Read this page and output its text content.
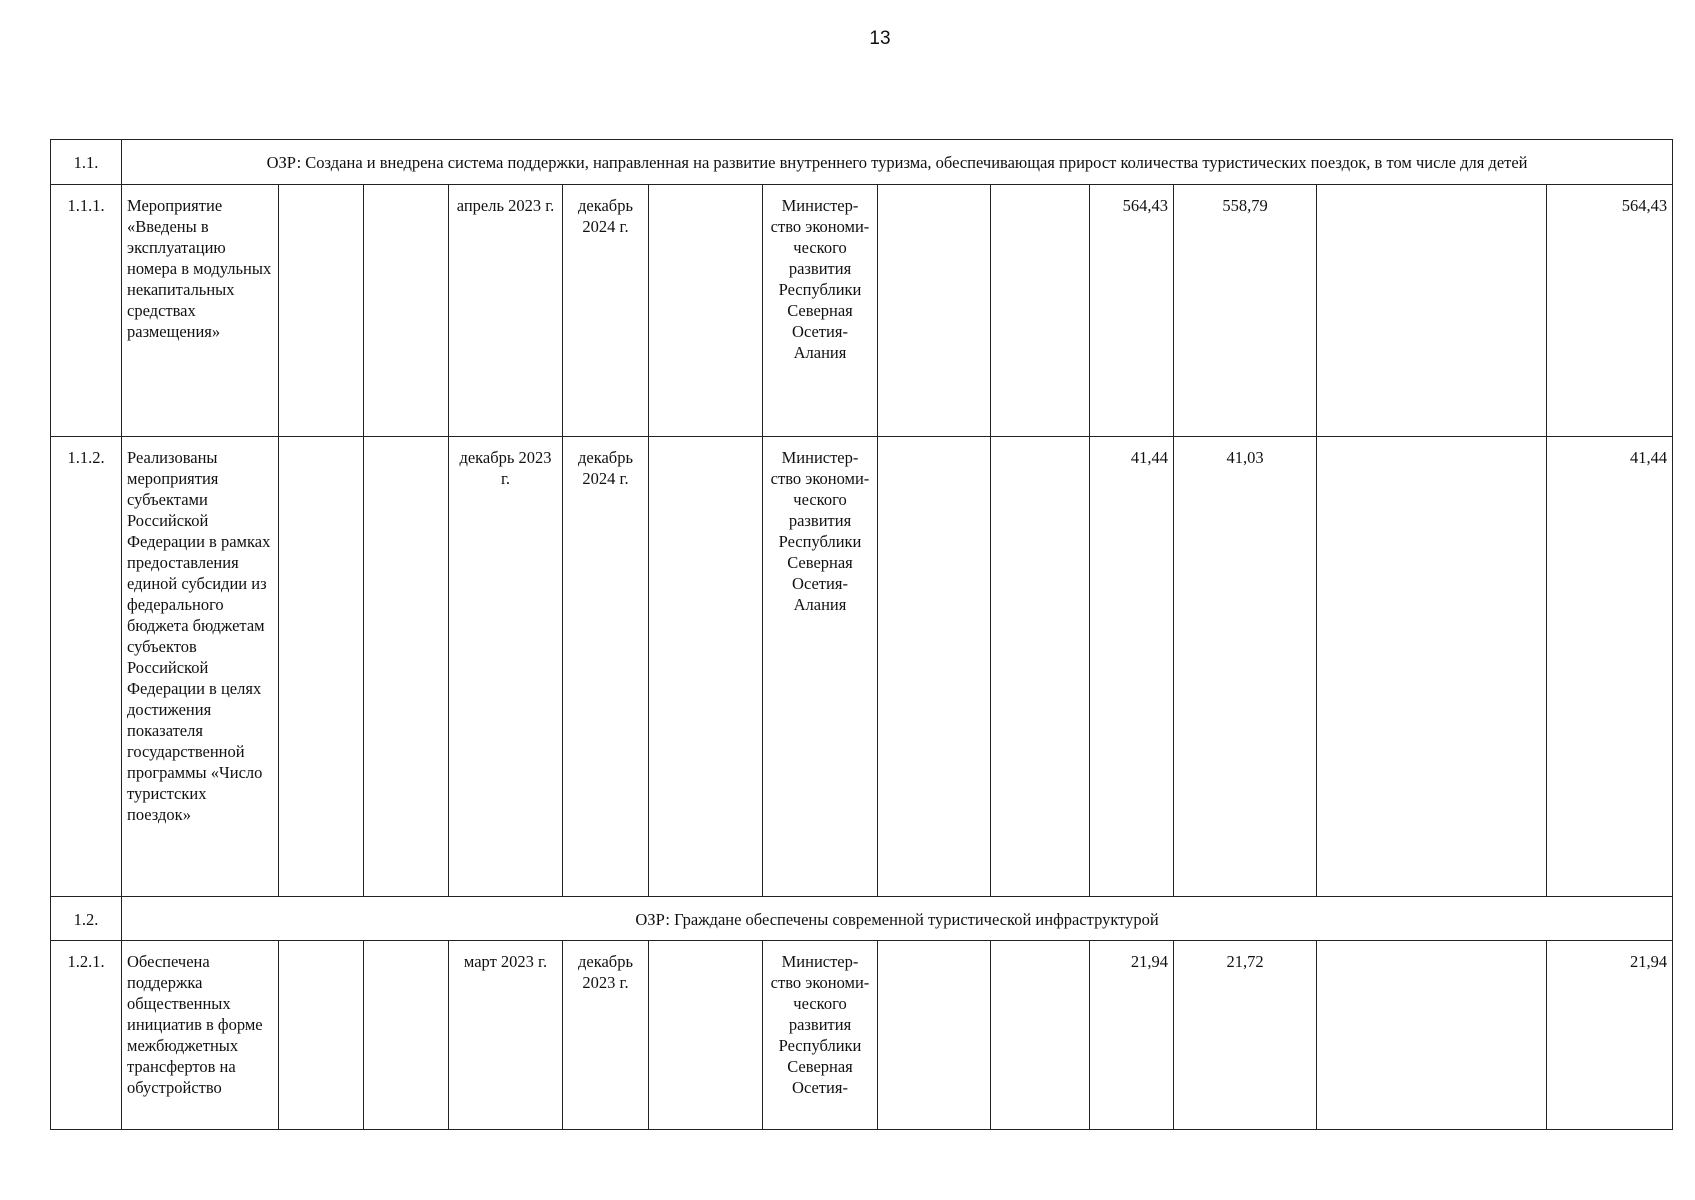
13
1.1.	ОЗР: Создана и внедрена система поддержки, направленная на развитие внутреннего туризма, обеспечивающая прирост количества туристических поездок, в том числе для детей												
1.1.1.	Мероприятие «Введены в эксплуатацию номера в модульных некапитальных средствах размещения»			апрель 2023 г.	декабрь 2024 г.		Министер-ство экономи-ческого развития Республики Северная Осетия-Алания			564,43	558,79		564,43
1.1.2.	Реализованы мероприятия субъектами Российской Федерации в рамках предоставления единой субсидии из федерального бюджета бюджетам субъектов Российской Федерации в целях достижения показателя государственной программы «Число туристских поездок»			декабрь 2023 г.	декабрь 2024 г.		Министер-ство экономи-ческого развития Республики Северная Осетия-Алания			41,44	41,03		41,44
1.2.	ОЗР: Граждане обеспечены современной туристической инфраструктурой												
1.2.1.	Обеспечена поддержка общественных инициатив в форме межбюджетных трансфертов на обустройство			март 2023 г.	декабрь 2023 г.		Министер-ство экономи-ческого развития Республики Северная Осетия-			21,94	21,72		21,94
